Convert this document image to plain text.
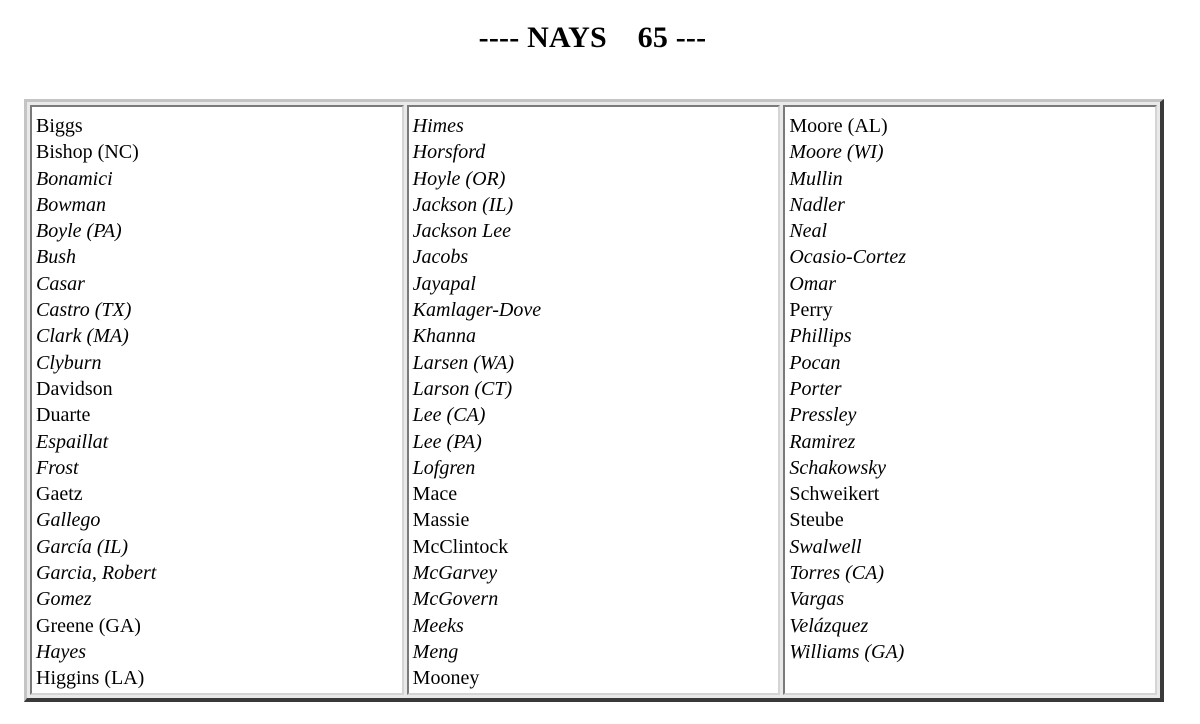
---- NAYS    65 ---
Biggs
Bishop (NC)
Bonamici
Bowman
Boyle (PA)
Bush
Casar
Castro (TX)
Clark (MA)
Clyburn
Davidson
Duarte
Espaillat
Frost
Gaetz
Gallego
García (IL)
Garcia, Robert
Gomez
Greene (GA)
Hayes
Higgins (LA)
Himes
Horsford
Hoyle (OR)
Jackson (IL)
Jackson Lee
Jacobs
Jayapal
Kamlager-Dove
Khanna
Larsen (WA)
Larson (CT)
Lee (CA)
Lee (PA)
Lofgren
Mace
Massie
McClintock
McGarvey
McGovern
Meeks
Meng
Mooney
Moore (AL)
Moore (WI)
Mullin
Nadler
Neal
Ocasio-Cortez
Omar
Perry
Phillips
Pocan
Porter
Pressley
Ramirez
Schakowsky
Schweikert
Steube
Swalwell
Torres (CA)
Vargas
Velázquez
Williams (GA)
